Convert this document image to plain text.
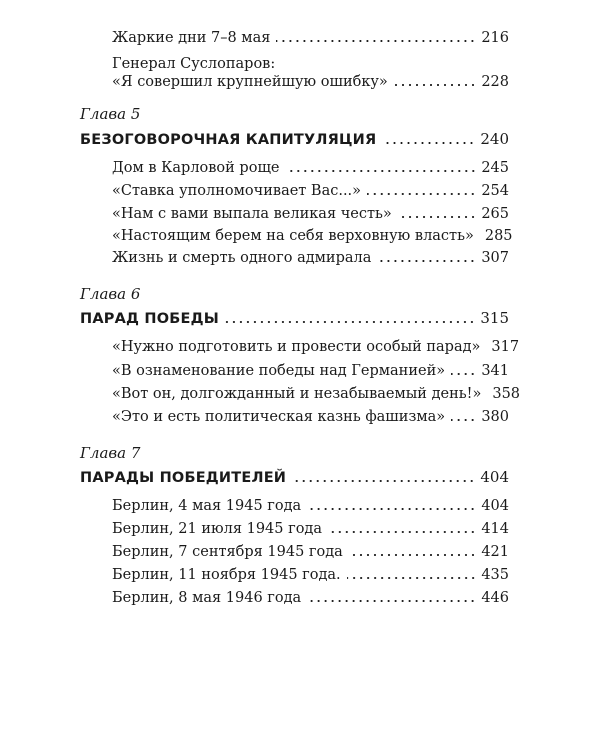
Жаркие дни 7–8 мая	216
Генерал Суслопаров:
«Я совершил крупнейшую ошибку»	228
Глава 5
БЕЗОГОВОРОЧНАЯ КАПИТУЛЯЦИЯ	240
Дом в Карловой роще	245
«Ставка уполномочивает Вас...»	254
«Нам с вами выпала великая честь»	265
«Настоящим берем на себя верховную власть» 285
Жизнь и смерть одного адмирала	307
Глава 6
ПАРАД ПОБЕДЫ	315
«Нужно подготовить и провести особый парад» 317
«В ознаменование победы над Германией» 341
«Вот он, долгожданный и незабываемый день!» 358
«Это и есть политическая казнь фашизма» 380
Глава 7
ПАРАДЫ ПОБЕДИТЕЛЕЙ	404
Берлин, 4 мая 1945 года	404
Берлин, 21 июля 1945 года	414
Берлин, 7 сентября 1945 года	421
Берлин, 11 ноября 1945 года.	435
Берлин, 8 мая 1946 года	446
